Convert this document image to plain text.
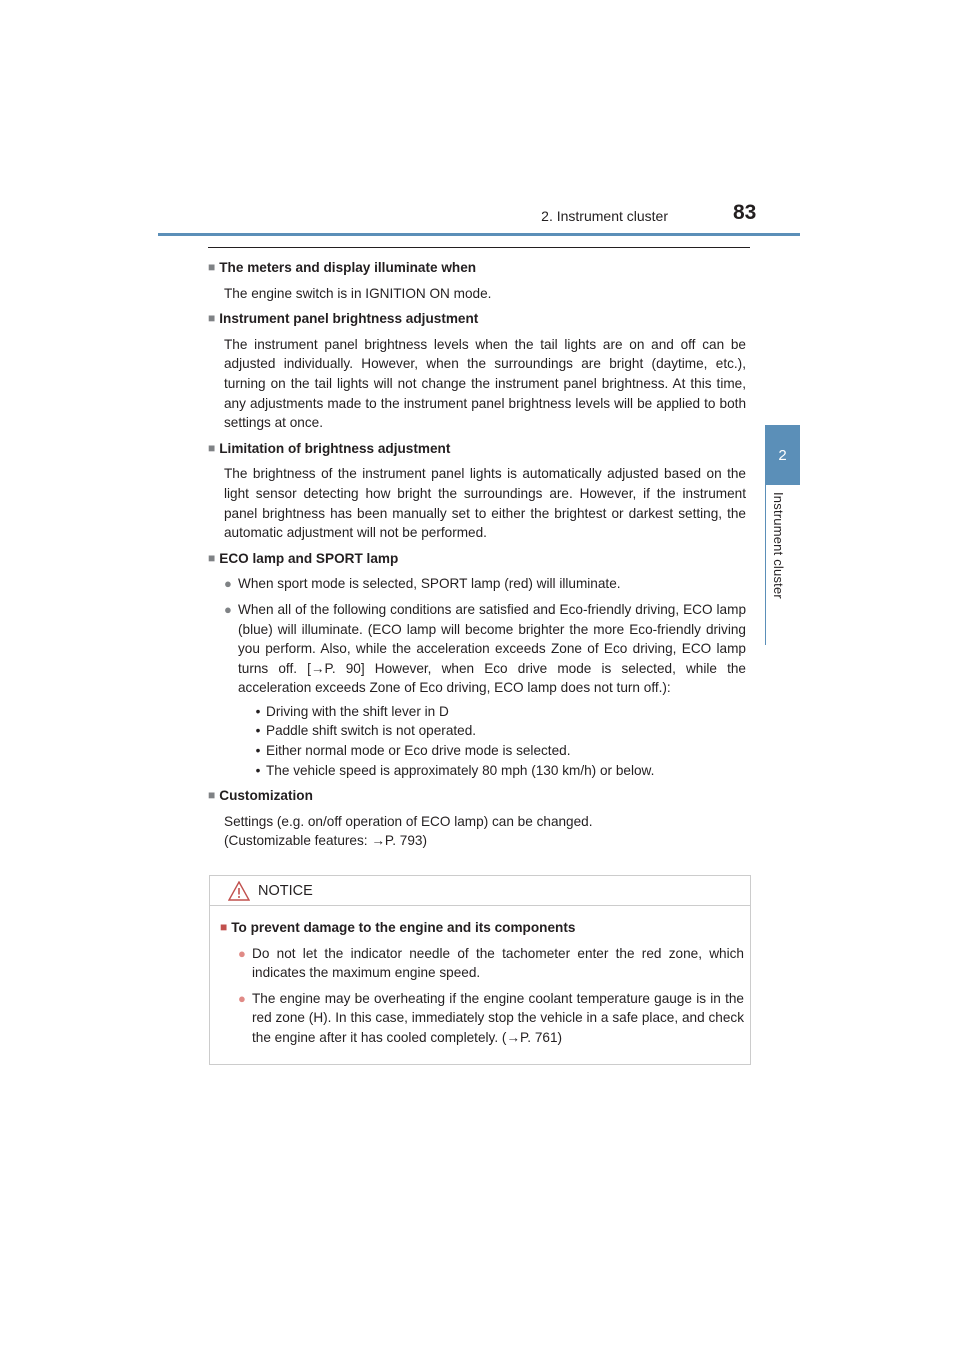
2. Instrument cluster	83
2
Instrument cluster
■ The meters and display illuminate when
The engine switch is in IGNITION ON mode.
■ Instrument panel brightness adjustment
The instrument panel brightness levels when the tail lights are on and off can be adjusted individually. However, when the surroundings are bright (daytime, etc.), turning on the tail lights will not change the instrument panel brightness. At this time, any adjustments made to the instrument panel brightness levels will be applied to both settings at once.
■ Limitation of brightness adjustment
The brightness of the instrument panel lights is automatically adjusted based on the light sensor detecting how bright the surroundings are. However, if the instrument panel brightness has been manually set to either the brightest or darkest setting, the automatic adjustment will not be performed.
■ ECO lamp and SPORT lamp
● When sport mode is selected, SPORT lamp (red) will illuminate.
● When all of the following conditions are satisfied and Eco-friendly driving, ECO lamp (blue) will illuminate. (ECO lamp will become brighter the more Eco-friendly driving you perform. Also, while the acceleration exceeds Zone of Eco driving, ECO lamp turns off. [→P. 90] However, when Eco drive mode is selected, while the acceleration exceeds Zone of Eco driving, ECO lamp does not turn off.):
• Driving with the shift lever in D
• Paddle shift switch is not operated.
• Either normal mode or Eco drive mode is selected.
• The vehicle speed is approximately 80 mph (130 km/h) or below.
■ Customization
Settings (e.g. on/off operation of ECO lamp) can be changed.
(Customizable features: →P. 793)
NOTICE
■ To prevent damage to the engine and its components
● Do not let the indicator needle of the tachometer enter the red zone, which indicates the maximum engine speed.
● The engine may be overheating if the engine coolant temperature gauge is in the red zone (H). In this case, immediately stop the vehicle in a safe place, and check the engine after it has cooled completely. (→P. 761)
